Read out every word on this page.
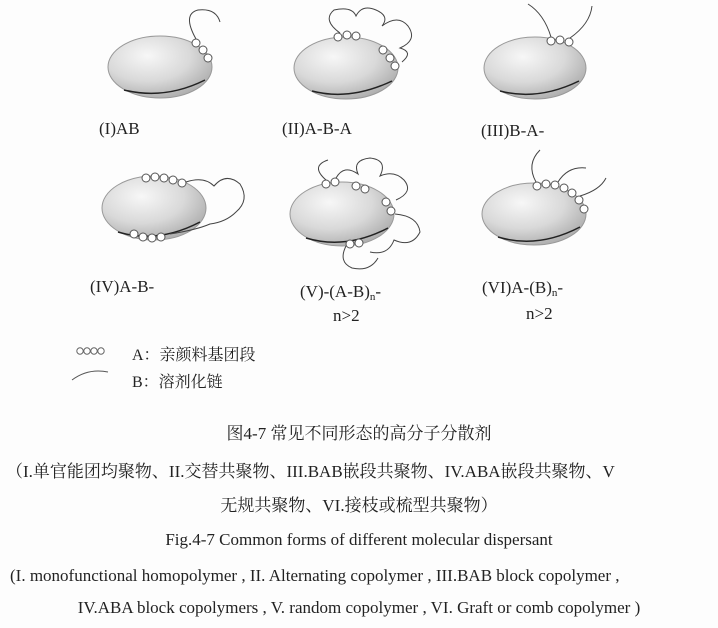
(I)AB	(II)A-B-A	(III)B-A-
(IV)A-B-	$(V)-(A-B)_n-$
n>2
$(VI)A-(B)_n-$
n>2
A：亲颜料基团段
B：溶剂化链
图4-7 常见不同形态的高分子分散剂
（I.单官能团均聚物、II.交替共聚物、III.BAB嵌段共聚物、IV.ABA嵌段共聚物、V
无规共聚物、VI.接枝或梳型共聚物）
Fig.4-7 Common forms of different molecular dispersant
(I. monofunctional homopolymer , II. Alternating copolymer , III.BAB block copolymer ,
IV.ABA block copolymers , V. random copolymer , VI. Graft or comb copolymer )
